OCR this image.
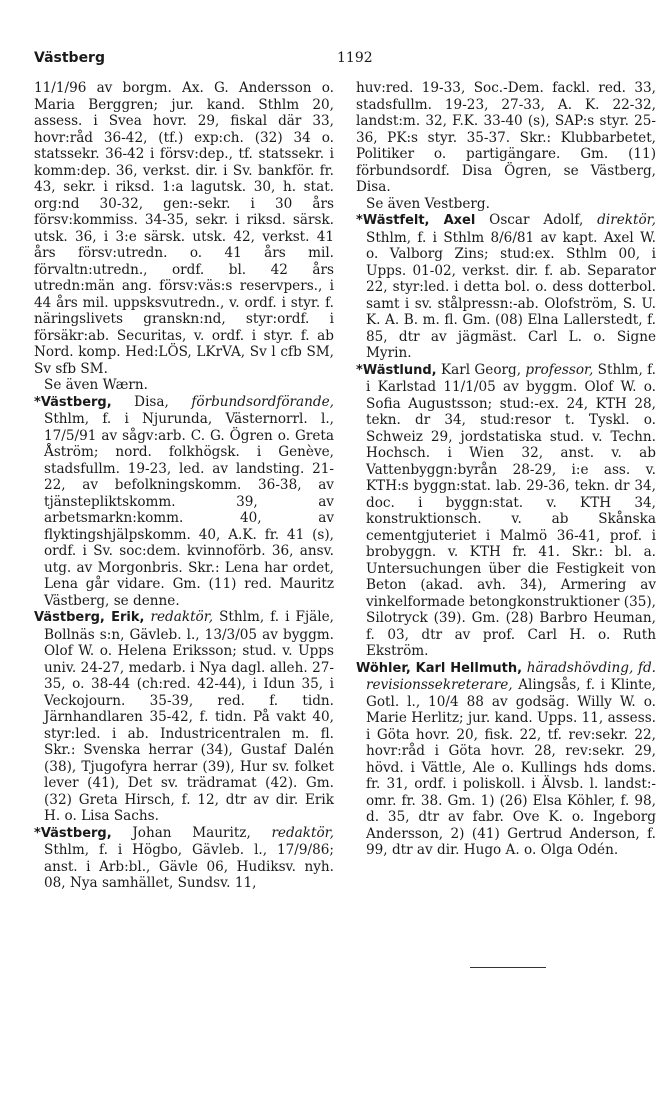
Västberg	1192

11/1/96 av borgm. Ax. G. Andersson o. Maria Berggren; jur. kand. Sthlm 20, assess. i Svea hovr. 29, fiskal där 33, hovr:råd 36-42, (tf.) exp:ch. (32) 34 o. statssekr. 36-42 i försv:dep., tf. statssekr. i komm:dep. 36, verkst. dir. i Sv. bankför. fr. 43, sekr. i riksd. 1:a lagutsk. 30, h. stat. org:nd 30-32, gen:-sekr. i 30 års försv:kommiss. 34-35, sekr. i riksd. särsk. utsk. 36, i 3:e särsk. utsk. 42, verkst. 41 års försv:utredn. o. 41 års mil. förvaltn:utredn., ordf. bl. 42 års utredn:män ang. försv:väs:s reservpers., i 44 års mil. uppsksvutredn., v. ordf. i styr. f. näringslivets granskn:nd, styr:ordf. i försäkr:ab. Securitas, v. ordf. i styr. f. ab Nord. komp. Hed:LÖS, LKrVA, Sv l cfb SM, Sv sfb SM.

Se även Wærn.

*Västberg, Disa, förbundsordförande, Sthlm, f. i Njurunda, Västernorrl. l., 17/5/91 av sågv:arb. C. G. Ögren o. Greta Åström; nord. folkhögsk. i Genève, stadsfullm. 19-23, led. av landsting. 21-22, av befolkningskomm. 36-38, av tjänstepliktskomm. 39, av arbetsmarkn:komm. 40, av flyktingshjälpskomm. 40, A.K. fr. 41 (s), ordf. i Sv. soc:dem. kvinnoförb. 36, ansv. utg. av Morgonbris. Skr.: Lena har ordet, Lena går vidare. Gm. (11) red. Mauritz Västberg, se denne.

Västberg, Erik, redaktör, Sthlm, f. i Fjäle, Bollnäs s:n, Gävleb. l., 13/3/05 av byggm. Olof W. o. Helena Eriksson; stud. v. Upps univ. 24-27, medarb. i Nya dagl. alleh. 27-35, o. 38-44 (ch:red. 42-44), i Idun 35, i Veckojourn. 35-39, red. f. tidn. Järnhandlaren 35-42, f. tidn. På vakt 40, styr:led. i ab. Industricentralen m. fl. Skr.: Svenska herrar (34), Gustaf Dalén (38), Tjugofyra herrar (39), Hur sv. folket lever (41), Det sv. trädramat (42). Gm. (32) Greta Hirsch, f. 12, dtr av dir. Erik H. o. Lisa Sachs.

*Västberg, Johan Mauritz, redaktör, Sthlm, f. i Högbo, Gävleb. l., 17/9/86; anst. i Arb:bl., Gävle 06, Hudiksv. nyh. 08, Nya samhället, Sundsv. 11,

huv:red. 19-33, Soc.-Dem. fackl. red. 33, stadsfullm. 19-23, 27-33, A. K. 22-32, landst:m. 32, F.K. 33-40 (s), SAP:s styr. 25-36, PK:s styr. 35-37. Skr.: Klubbarbetet, Politiker o. partigängare. Gm. (11) förbundsordf. Disa Ögren, se Västberg, Disa.

Se även Vestberg.

*Wästfelt, Axel Oscar Adolf, direktör, Sthlm, f. i Sthlm 8/6/81 av kapt. Axel W. o. Valborg Zins; stud:ex. Sthlm 00, i Upps. 01-02, verkst. dir. f. ab. Separator 22, styr:led. i detta bol. o. dess dotterbol. samt i sv. stålpressn:-ab. Olofström, S. U. K. A. B. m. fl. Gm. (08) Elna Lallerstedt, f. 85, dtr av jägmäst. Carl L. o. Signe Myrin.

*Wästlund, Karl Georg, professor, Sthlm, f. i Karlstad 11/1/05 av byggm. Olof W. o. Sofia Augustsson; stud:-ex. 24, KTH 28, tekn. dr 34, stud:resor t. Tyskl. o. Schweiz 29, jordstatiska stud. v. Techn. Hochsch. i Wien 32, anst. v. ab Vattenbyggn:byrån 28-29, i:e ass. v. KTH:s byggn:stat. lab. 29-36, tekn. dr 34, doc. i byggn:stat. v. KTH 34, konstruktionsch. v. ab Skånska cementgjuteriet i Malmö 36-41, prof. i brobyggn. v. KTH fr. 41. Skr.: bl. a. Untersuchungen über die Festigkeit von Beton (akad. avh. 34), Armering av vinkelformade betongkonstruktioner (35), Silotryck (39). Gm. (28) Barbro Heuman, f. 03, dtr av prof. Carl H. o. Ruth Ekström.

Wöhler, Karl Hellmuth, häradshövding, fd. revisionssekreterare, Alingsås, f. i Klinte, Gotl. l., 10/4 88 av godsäg. Willy W. o. Marie Herlitz; jur. kand. Upps. 11, assess. i Göta hovr. 20, fisk. 22, tf. rev:sekr. 22, hovr:råd i Göta hovr. 28, rev:sekr. 29, hövd. i Vättle, Ale o. Kullings hds doms. fr. 31, ordf. i poliskoll. i Älvsb. l. landst:-omr. fr. 38. Gm. 1) (26) Elsa Köhler, f. 98, d. 35, dtr av fabr. Ove K. o. Ingeborg Andersson, 2) (41) Gertrud Anderson, f. 99, dtr av dir. Hugo A. o. Olga Odén.
